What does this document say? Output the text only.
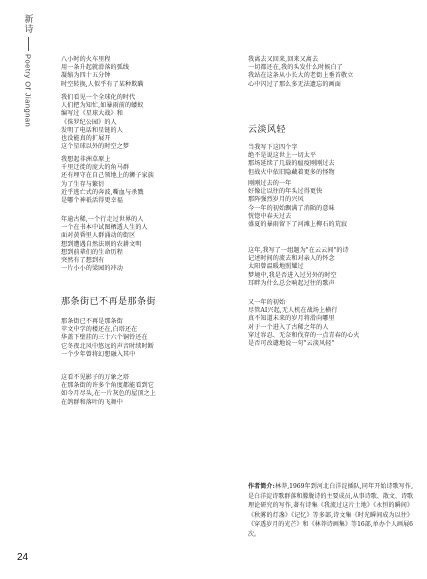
新诗
Poetry Of Jiangnan	八小时的火车里程
用一条升起就滑落的弧线
凝缩为四十五分钟
时空转换,人似乎有了某种欺瞒
我们看见一个全球化的时代
人们把为知忙,如暴雨前的蝼蚁
编写过《星球大战》和
《侏罗纪公园》的人
发明了电话和星链的人
也没能真的扩展开
这个星球以外的时空之梦
我想起非洲草原上
千里迁徙的庞大的角马群
还有埋守在自己领地上的狮子家族
为了生存与繁衍
近乎逃亡式的奔波,嘶血与杀戮
是哪个神祇活得更幸福
年逾古稀,一个行走过世界的人
一个在书本中试图栖透人生的人
面对黄昏里人群涌动的街区
想到遭遇自然法则的农耕文明
想到前辈们的生命历程
突然有了想到有
一片小小的梁园的冲动
那条街已不再是那条街
那条街已不再是那条街
苹文中学的楼还在,白塔还在
华盖下壁挂的三十六个铜铃还在
它冬夜北风中悠远的声音时续时断
一个少年曾将幻想融入其中
这看不见影子的万象之塔
在那条街的许多个角度都能看到它
如今月尽头,在一片灰色的屋顶之上
在鸽群和落叶的飞舞中
我离去又回来,回来又离去
一切都还在,我的头发什么时候白了
我站在这条从小长大的老街上垂首敬立
心中闪过了那么多无法遗忘的画面
云淡风轻
当我写下这四个字
绝不是说这世上一切太平
那场延续了几载的瘟疫刚刚过去
但战火中依旧隐藏着更多的怪物
刚刚过去的一年
好像让以往的年头过得更快
那阵强烈岁月的兴风
今一年的初始飘满了消陨的意味
恍惚中春天过去
盛夏的暴雨留下了河滩上柳石的荒寂
这年,我写了一组题为"在云云间"的诗
记述时间的流去和对亲人的怀念
太阳曾温暖地照耀过
梦境中,我是否进入过另外的时空
耳畔为什么总会响起过往的歌声
又一年的初始
尽管AI兴起,无人机在战场上横行
真不知道未来的岁月将滑向哪里
对于一个进入了古稀之年的人
穿过容忍、无奈和伐存的一点青春的心火
是否可改谴地说一句"云淡风轻"
作者简介:林莽,1969年到河北白洋淀插队,同年开始诗歌写作,是白洋淀诗歌群落和朦胧诗的主要成员,从事诗歌、散文、诗歌理论研究的写作,著有诗集《我流过这片土地》《永恒的瞬间》《秋雾的灯盏》《记忆》等多部,诗文集《时光瞬间成为以往》《穿透岁月的光芒》和《林莽诗画集》等16部,单办个人画展6次。
24
